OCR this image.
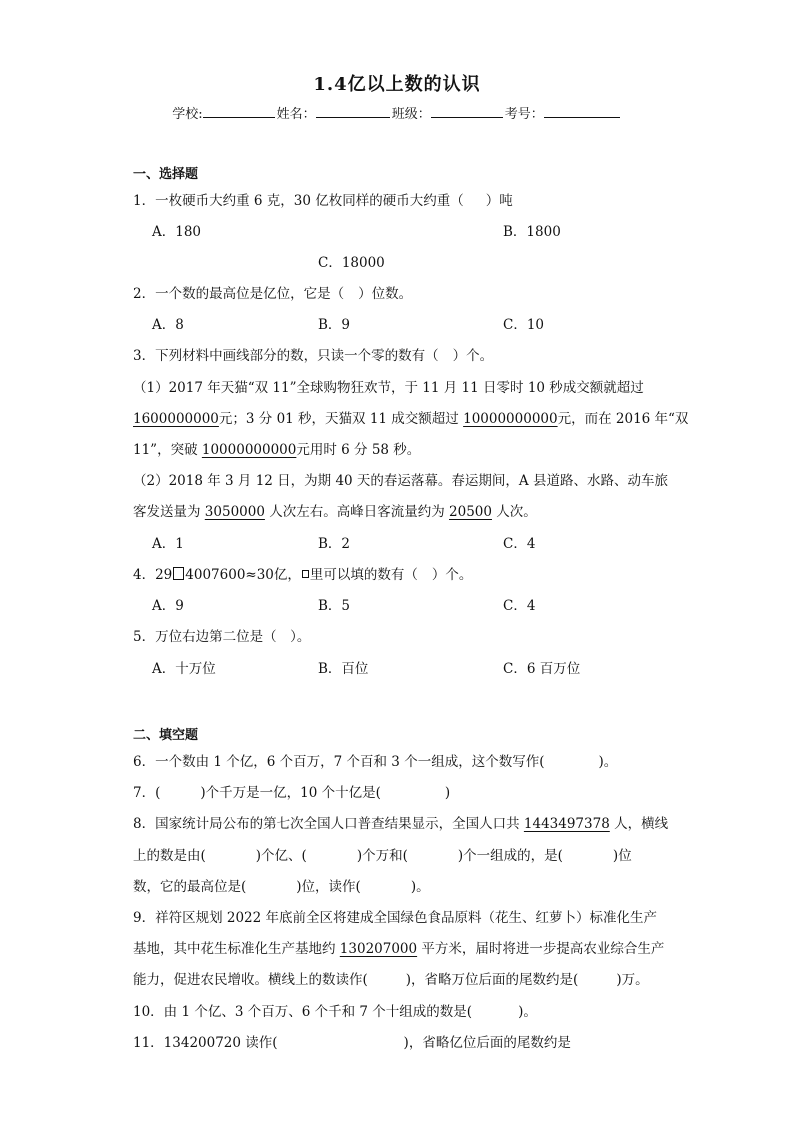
1.4亿以上数的认识
学校:	姓名：	班级：	考号：
一、选择题
1．一枚硬币大约重 6 克，30 亿枚同样的硬币大约重（ ）吨
A．180	B．1800
C．18000
2．一个数的最高位是亿位，它是（ ）位数。
A．8	B．9	C．10
3．下列材料中画线部分的数，只读一个零的数有（ ）个。
（1）2017 年天猫“双 11”全球购物狂欢节，于 11 月 11 日零时 10 秒成交额就超过
1600000000元；3 分 01 秒，天猫双 11 成交额超过 10000000000元，而在 2016 年“双
11”，突破 10000000000元用时 6 分 58 秒。
（2）2018 年 3 月 12 日，为期 40 天的春运落幕。春运期间，A 县道路、水路、动车旅
客发送量为 3050000 人次左右。高峰日客流量约为 20500 人次。
A．1	B．2	C．4
4．29 4007600≈30亿， 里可以填的数有（ ）个。
A．9	B．5	C．4
5．万位右边第二位是（　）。
A．十万位	B．百位	C．6 百万位
二、填空题
6．一个数由 1 个亿，6 个百万，7 个百和 3 个一组成，这个数写作(	)。
7．(	)个千万是一亿，10 个十亿是(	)
8．国家统计局公布的第七次全国人口普查结果显示，全国人口共 1443497378 人，横线
上的数是由(	)个亿、(	)个万和(	)个一组成的，是(	)位
数，它的最高位是(	)位，读作(	)。
9．祥符区规划 2022 年底前全区将建成全国绿色食品原料（花生、红萝卜）标准化生产
基地，其中花生标准化生产基地约 130207000 平方米，届时将进一步提高农业综合生产
能力，促进农民增收。横线上的数读作(	)，省略万位后面的尾数约是(	)万。
10．由 1 个亿、3 个百万、6 个千和 7 个十组成的数是(	)。
11．134200720 读作(	)，省略亿位后面的尾数约是
